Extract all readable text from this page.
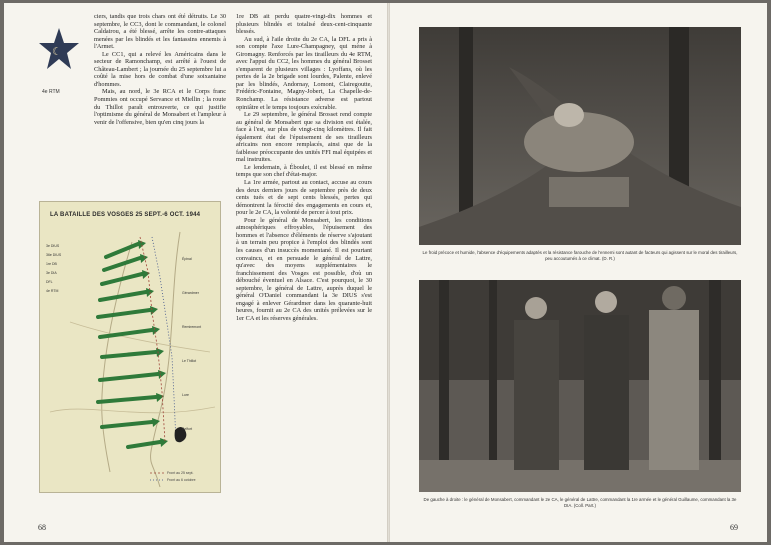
☾
4e RTM

ciers, tandis que trois chars ont été détruits. Le 30 septembre, le CC3, dont le commandant, le colonel Caldairou, a été blessé, arrête les contre-attaques menées par les blindés et les fantassins ennemis à l'Armet.

Le CC1, qui a relevé les Américains dans le secteur de Ramonchamp, est arrêté à l'ouest de Château-Lambert ; la journée du 25 septembre lui a coûté la mise hors de combat d'une soixantaine d'hommes.

Mais, au nord, le 3e RCA et le Corps franc Pommies ont occupé Servance et Miellin ; la route du Thillot paraît entrouverte, ce qui justifie l'optimisme du général de Monsabert et l'ampleur à venir de l'offensive, bien qu'en cinq jours la

LA BATAILLE DES VOSGES 25 SEPT.-6 OCT. 1944
Front au 25 sept.
Front au 6 octobre
3e DIUS
36e DIUS
1re DB
3e DIA
DFL
4e RTM
Épinal
Gérardmer
Remiremont
Le Thillot
Lure
Belfort

1re DB ait perdu quatre-vingt-dix hommes et plusieurs blindés et totalisé deux-cent-cinquante blessés.

Au sud, à l'aile droite du 2e CA, la DFL a pris à son compte l'axe Lure-Champagney, qui mène à Giromagny. Renforcés par les tirailleurs du 4e RTM, avec l'appui du CC2, les hommes du général Brosset s'emparent de plusieurs villages : Lyoffans, où les pertes de la 2e brigade sont lourdes, Palente, enlevé par les blindés, Andornay, Lomont, Clairegoutte, Frédéric-Fontaine, Magny-Jobert, La Chapelle-de-Ronchamp. La résistance adverse est partout opiniâtre et le temps toujours exécrable.

Le 29 septembre, le général Brosset rend compte au général de Monsabert que sa division est étalée, face à l'est, sur plus de vingt-cinq kilomètres. Il fait également état de l'épuisement de ses tirailleurs africains non encore remplacés, ainsi que de la faiblesse préoccupante des unités FFI mal équipées et mal instruites.

Le lendemain, à Éboulet, il est blessé en même temps que son chef d'état-major.

La 1re armée, partout au contact, accuse au cours des deux derniers jours de septembre près de deux cents tués et de sept cents blessés, pertes qui démontrent la férocité des engagements en cours et, pour le 2e CA, la volonté de percer à tout prix.

Pour le général de Monsabert, les conditions atmosphériques effroyables, l'épuisement des hommes et l'absence d'éléments de réserve s'ajoutant à un terrain peu propice à l'emploi des blindés sont les causes d'un insuccès momentané. Il est pourtant convaincu, et en persuade le général de Lattre, qu'avec des moyens supplémentaires le franchissement des Vosges est possible, d'où un débouché éventuel en Alsace. C'est pourquoi, le 30 septembre, le général de Lattre, auprès duquel le général O'Daniel commandant la 3e DIUS s'est engagé à enlever Gérardmer dans les quarante-huit heures, fournit au 2e CA des unités prélevées sur le 1er CA et les réserves générales.

68
Le froid précoce et humide, l'absence d'équipements adaptés et la résistance farouche de l'ennemi sont autant de facteurs qui agissent sur le moral des tirailleurs, peu accoutumés à ce climat. (D. R.)
De gauche à droite : le général de Monsabert, commandant le 2e CA, le général de Lattre, commandant la 1re armée et le général Guillaume, commandant la 3e DIA. (Coll. Part.)
69
